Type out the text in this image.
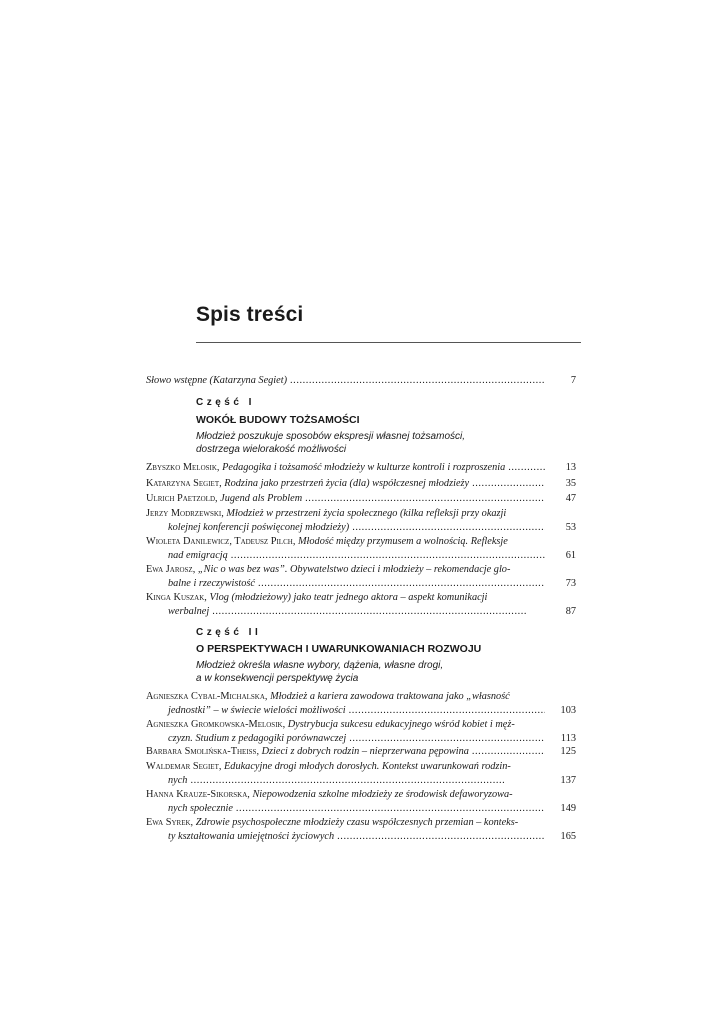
Spis treści
Słowo wstępne (Katarzyna Segiet) . . .	7
Część I
WOKÓŁ BUDOWY TOŻSAMOŚCI
Młodzież poszukuje sposobów ekspresji własnej tożsamości,
dostrzega wielorakość możliwości
Zbyszko Melosik, Pedagogika i tożsamość młodzieży w kulturze kontroli i rozproszenia . . .	13
Katarzyna Segiet, Rodzina jako przestrzeń życia (dla) współczesnej młodzieży . . .	35
Ulrich Paetzold, Jugend als Problem . . .	47
Jerzy Modrzewski, Młodzież w przestrzeni życia społecznego (kilka refleksji przy okazji
kolejnej konferencji poświęconej młodzieży) . . .	53
Wioleta Danilewicz, Tadeusz Pilch, Młodość między przymusem a wolnością. Refleksje
nad emigracją . . .	61
Ewa Jarosz, „Nic o was bez was”. Obywatelstwo dzieci i młodzieży – rekomendacje glo-
balne i rzeczywistość . . .	73
Kinga Kuszak, Vlog (młodzieżowy) jako teatr jednego aktora – aspekt komunikacji
werbalnej . . .	87
Część II
O PERSPEKTYWACH I UWARUNKOWANIACH ROZWOJU
Młodzież określa własne wybory, dążenia, własne drogi,
a w konsekwencji perspektywę życia
Agnieszka Cybal-Michalska, Młodzież a kariera zawodowa traktowana jako „własność
jednostki” – w świecie wielości możliwości . . .	103
Agnieszka Gromkowska-Melosik, Dystrybucja sukcesu edukacyjnego wśród kobiet i męż-
czyzn. Studium z pedagogiki porównawczej . . .	113
Barbara Smolińska-Theiss, Dzieci z dobrych rodzin – nieprzerwana pępowina . . .	125
Waldemar Segiet, Edukacyjne drogi młodych dorosłych. Kontekst uwarunkowań rodzin-
nych . . .	137
Hanna Krauze-Sikorska, Niepowodzenia szkolne młodzieży ze środowisk defaworyzowa-
nych społecznie . . .	149
Ewa Syrek, Zdrowie psychospołeczne młodzieży czasu współczesnych przemian – konteks-
ty kształtowania umiejętności życiowych . . .	165
